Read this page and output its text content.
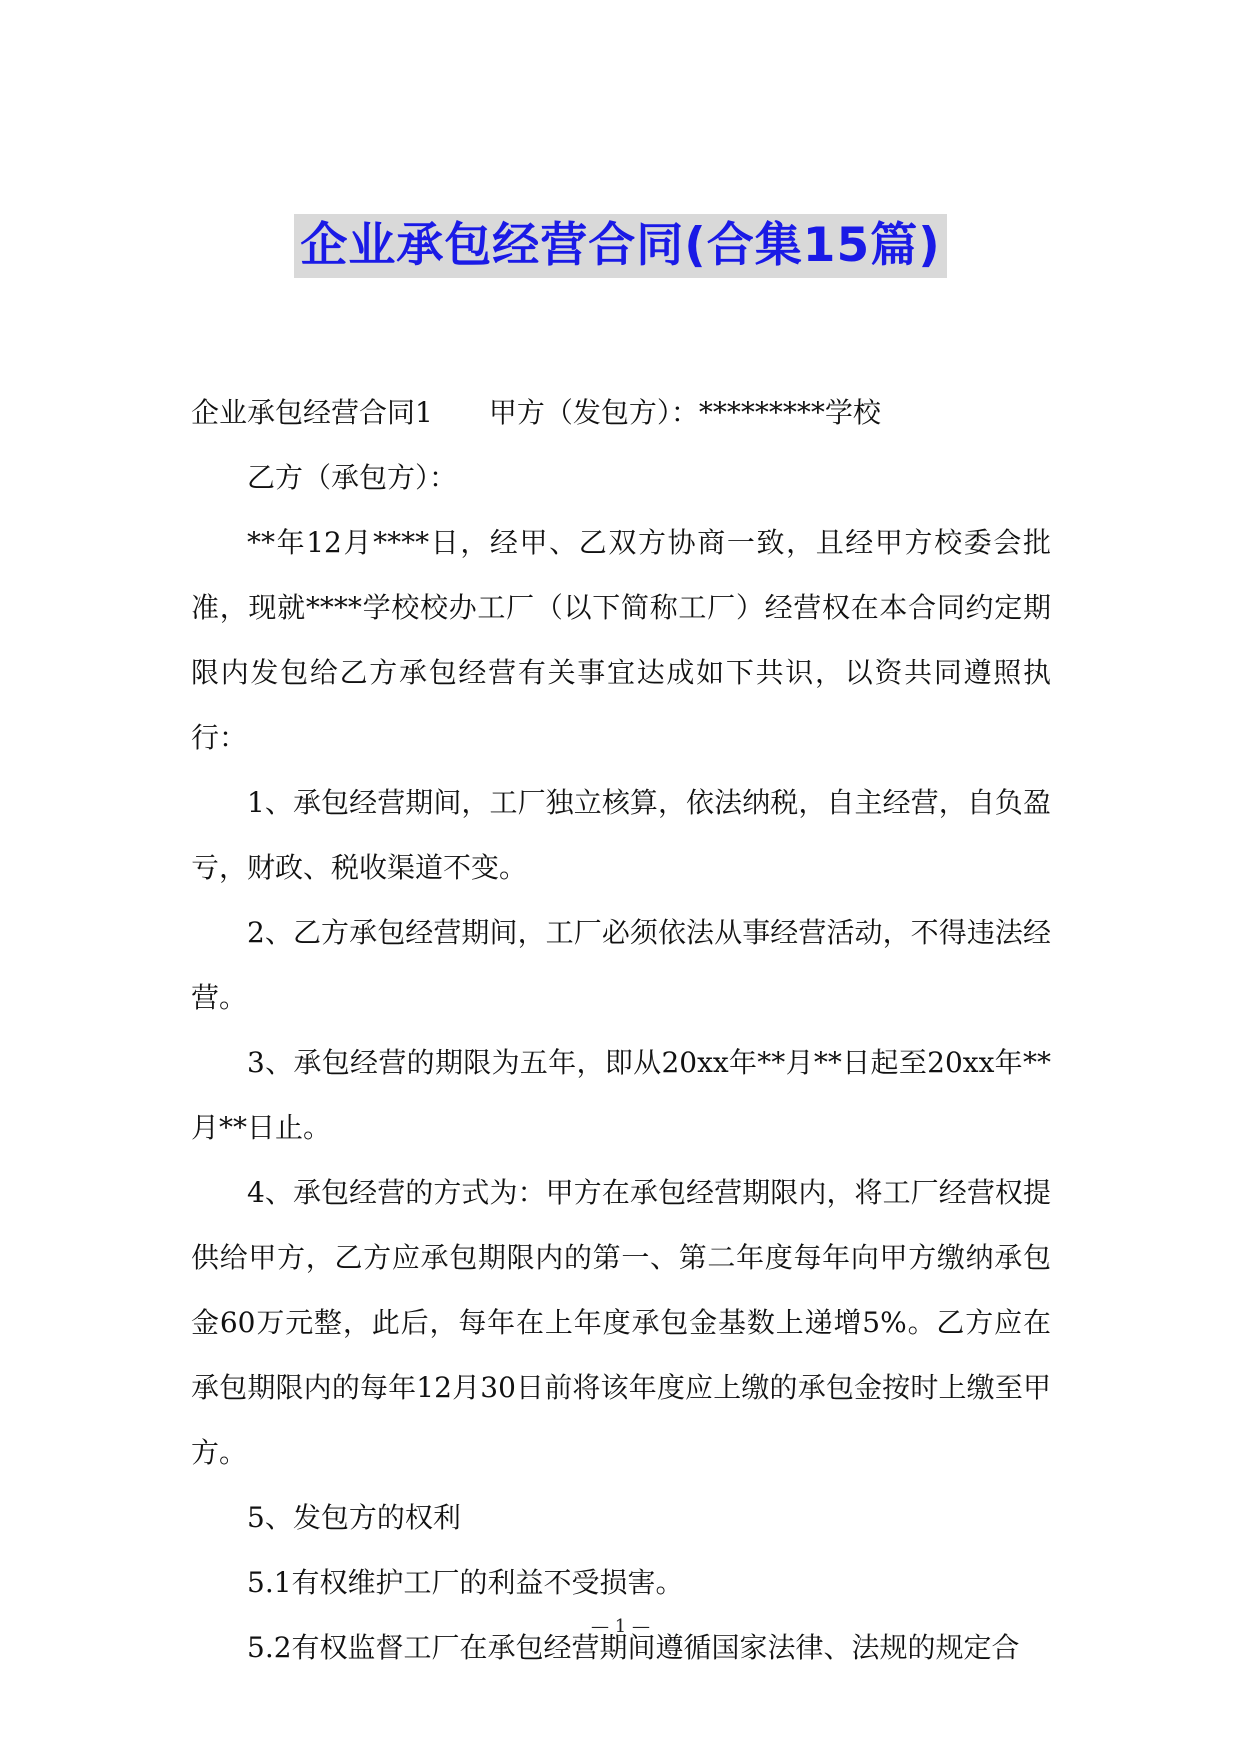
企业承包经营合同(合集15篇)

企业承包经营合同1　　甲方（发包方）：*********学校

乙方（承包方）：

**年12月****日，经甲、乙双方协商一致，且经甲方校委会批准，现就****学校校办工厂（以下简称工厂）经营权在本合同约定期限内发包给乙方承包经营有关事宜达成如下共识，以资共同遵照执行：

1、承包经营期间，工厂独立核算，依法纳税，自主经营，自负盈亏，财政、税收渠道不变。

2、乙方承包经营期间，工厂必须依法从事经营活动，不得违法经营。

3、承包经营的期限为五年，即从20xx年**月**日起至20xx年**月**日止。

4、承包经营的方式为：甲方在承包经营期限内，将工厂经营权提供给甲方，乙方应承包期限内的第一、第二年度每年向甲方缴纳承包金60万元整，此后，每年在上年度承包金基数上递增5%。乙方应在承包期限内的每年12月30日前将该年度应上缴的承包金按时上缴至甲方。

5、发包方的权利

5.1有权维护工厂的利益不受损害。

5.2有权监督工厂在承包经营期间遵循国家法律、法规的规定合

— 1 —
